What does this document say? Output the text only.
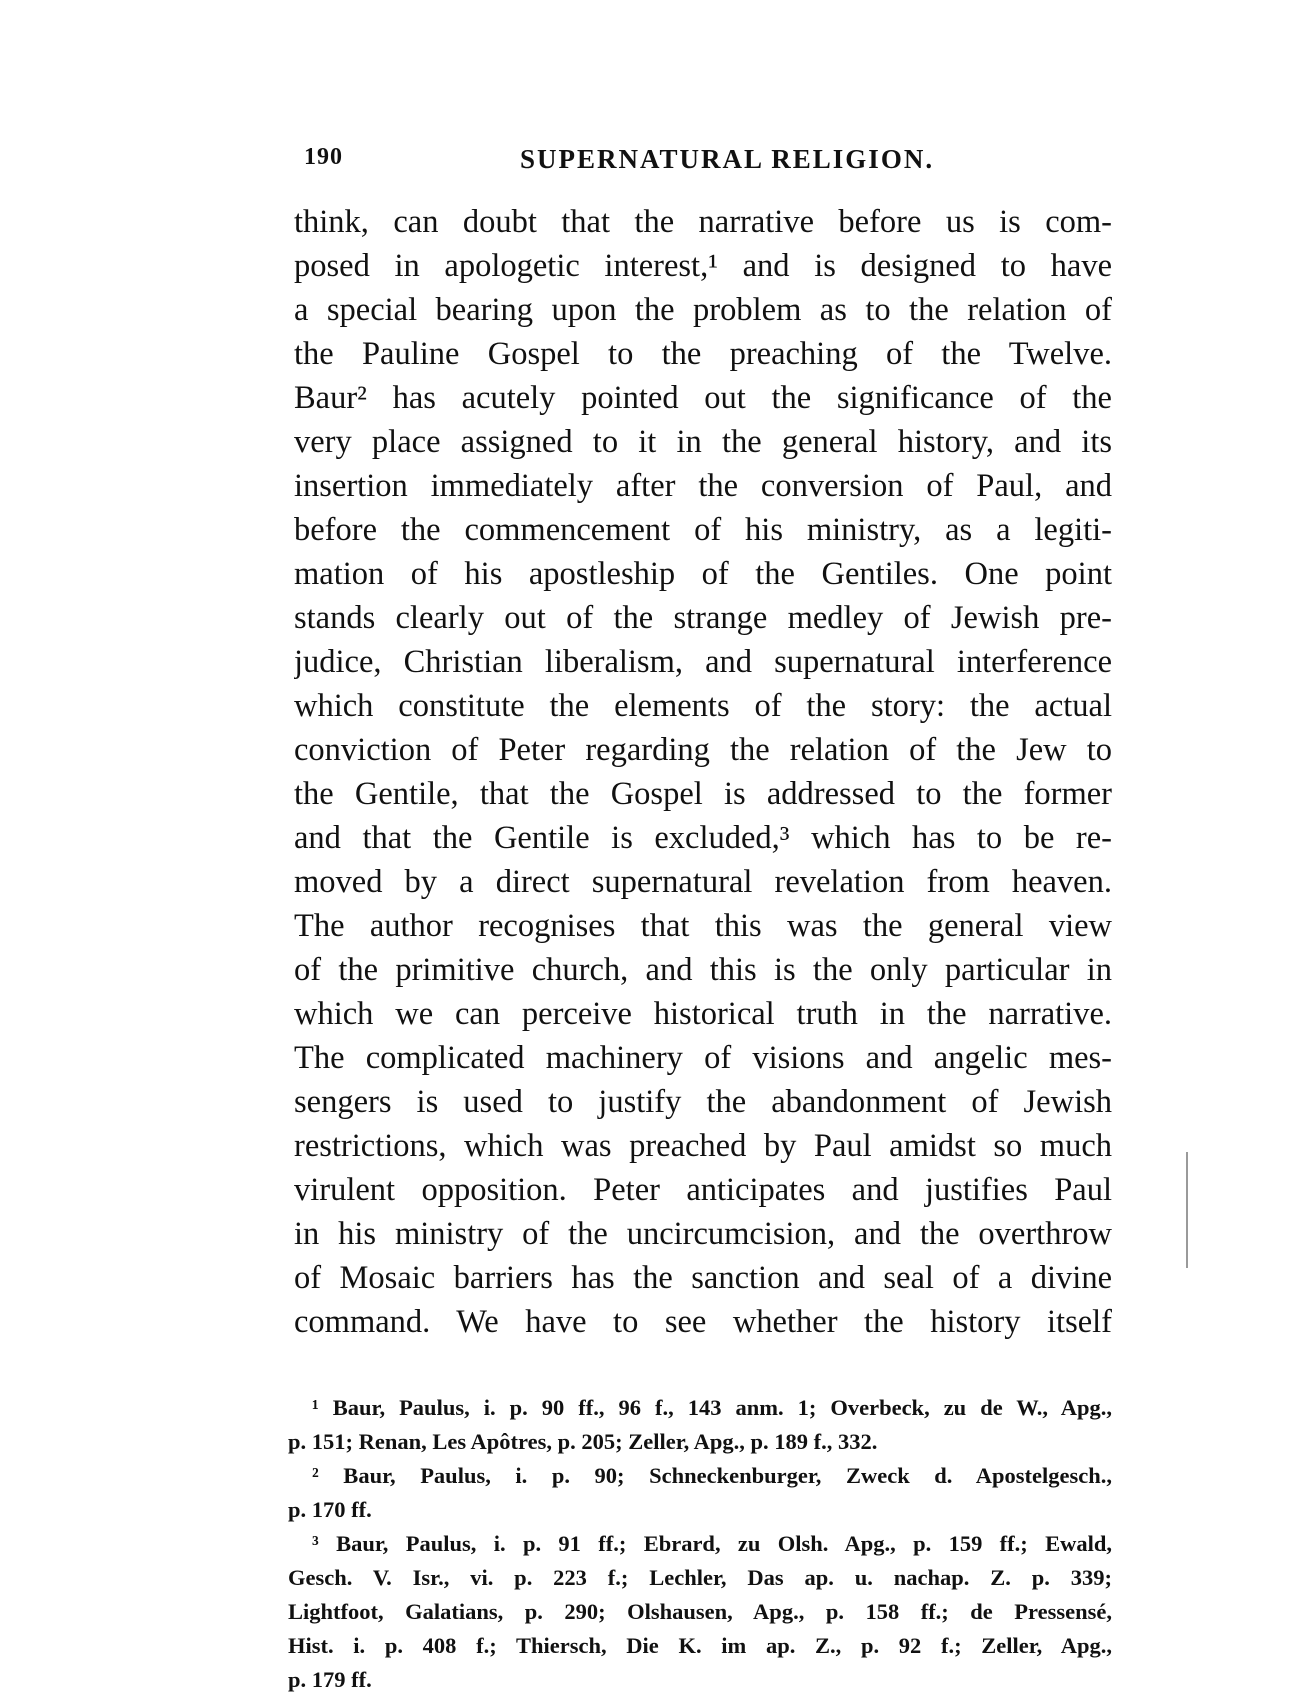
190	SUPERNATURAL RELIGION.
think, can doubt that the narrative before us is com-
posed in apologetic interest,¹ and is designed to have
a special bearing upon the problem as to the relation of
the Pauline Gospel to the preaching of the Twelve.
Baur² has acutely pointed out the significance of the
very place assigned to it in the general history, and its
insertion immediately after the conversion of Paul, and
before the commencement of his ministry, as a legiti-
mation of his apostleship of the Gentiles. One point
stands clearly out of the strange medley of Jewish pre-
judice, Christian liberalism, and supernatural interference
which constitute the elements of the story: the actual
conviction of Peter regarding the relation of the Jew to
the Gentile, that the Gospel is addressed to the former
and that the Gentile is excluded,³ which has to be re-
moved by a direct supernatural revelation from heaven.
The author recognises that this was the general view
of the primitive church, and this is the only particular in
which we can perceive historical truth in the narrative.
The complicated machinery of visions and angelic mes-
sengers is used to justify the abandonment of Jewish
restrictions, which was preached by Paul amidst so much
virulent opposition. Peter anticipates and justifies Paul
in his ministry of the uncircumcision, and the overthrow
of Mosaic barriers has the sanction and seal of a divine
command. We have to see whether the history itself
¹ Baur, Paulus, i. p. 90 ff., 96 f., 143 anm. 1; Overbeck, zu de W., Apg.,
p. 151; Renan, Les Apôtres, p. 205; Zeller, Apg., p. 189 f., 332.
² Baur, Paulus, i. p. 90; Schneckenburger, Zweck d. Apostelgesch.,
p. 170 ff.
³ Baur, Paulus, i. p. 91 ff.; Ebrard, zu Olsh. Apg., p. 159 ff.; Ewald,
Gesch. V. Isr., vi. p. 223 f.; Lechler, Das ap. u. nachap. Z. p. 339;
Lightfoot, Galatians, p. 290; Olshausen, Apg., p. 158 ff.; de Pressensé,
Hist. i. p. 408 f.; Thiersch, Die K. im ap. Z., p. 92 f.; Zeller, Apg.,
p. 179 ff.
